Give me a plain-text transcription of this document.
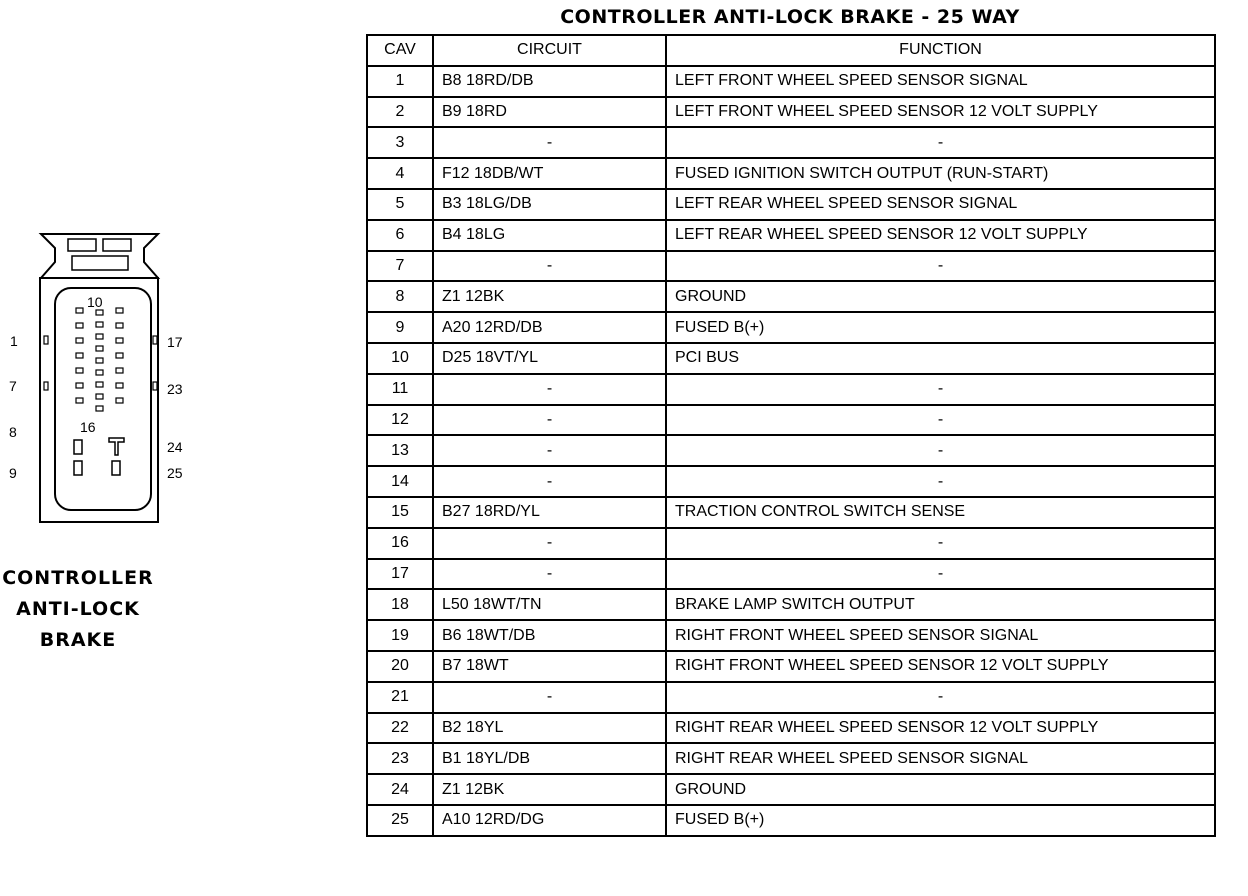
1
7
8
9
10
16
17
23
24
25
CONTROLLER
ANTI-LOCK
BRAKE
CONTROLLER ANTI-LOCK BRAKE - 25 WAY
CAV	CIRCUIT	FUNCTION
1	B8 18RD/DB	LEFT FRONT WHEEL SPEED SENSOR SIGNAL
2	B9 18RD	LEFT FRONT WHEEL SPEED SENSOR 12 VOLT SUPPLY
3	-	-
4	F12 18DB/WT	FUSED IGNITION SWITCH OUTPUT (RUN-START)
5	B3 18LG/DB	LEFT REAR WHEEL SPEED SENSOR SIGNAL
6	B4 18LG	LEFT REAR WHEEL SPEED SENSOR 12 VOLT SUPPLY
7	-	-
8	Z1 12BK	GROUND
9	A20 12RD/DB	FUSED B(+)
10	D25 18VT/YL	PCI BUS
11	-	-
12	-	-
13	-	-
14	-	-
15	B27 18RD/YL	TRACTION CONTROL SWITCH SENSE
16	-	-
17	-	-
18	L50 18WT/TN	BRAKE LAMP SWITCH OUTPUT
19	B6 18WT/DB	RIGHT FRONT WHEEL SPEED SENSOR SIGNAL
20	B7 18WT	RIGHT FRONT WHEEL SPEED SENSOR 12 VOLT SUPPLY
21	-	-
22	B2 18YL	RIGHT REAR WHEEL SPEED SENSOR 12 VOLT SUPPLY
23	B1 18YL/DB	RIGHT REAR WHEEL SPEED SENSOR SIGNAL
24	Z1 12BK	GROUND
25	A10 12RD/DG	FUSED B(+)
